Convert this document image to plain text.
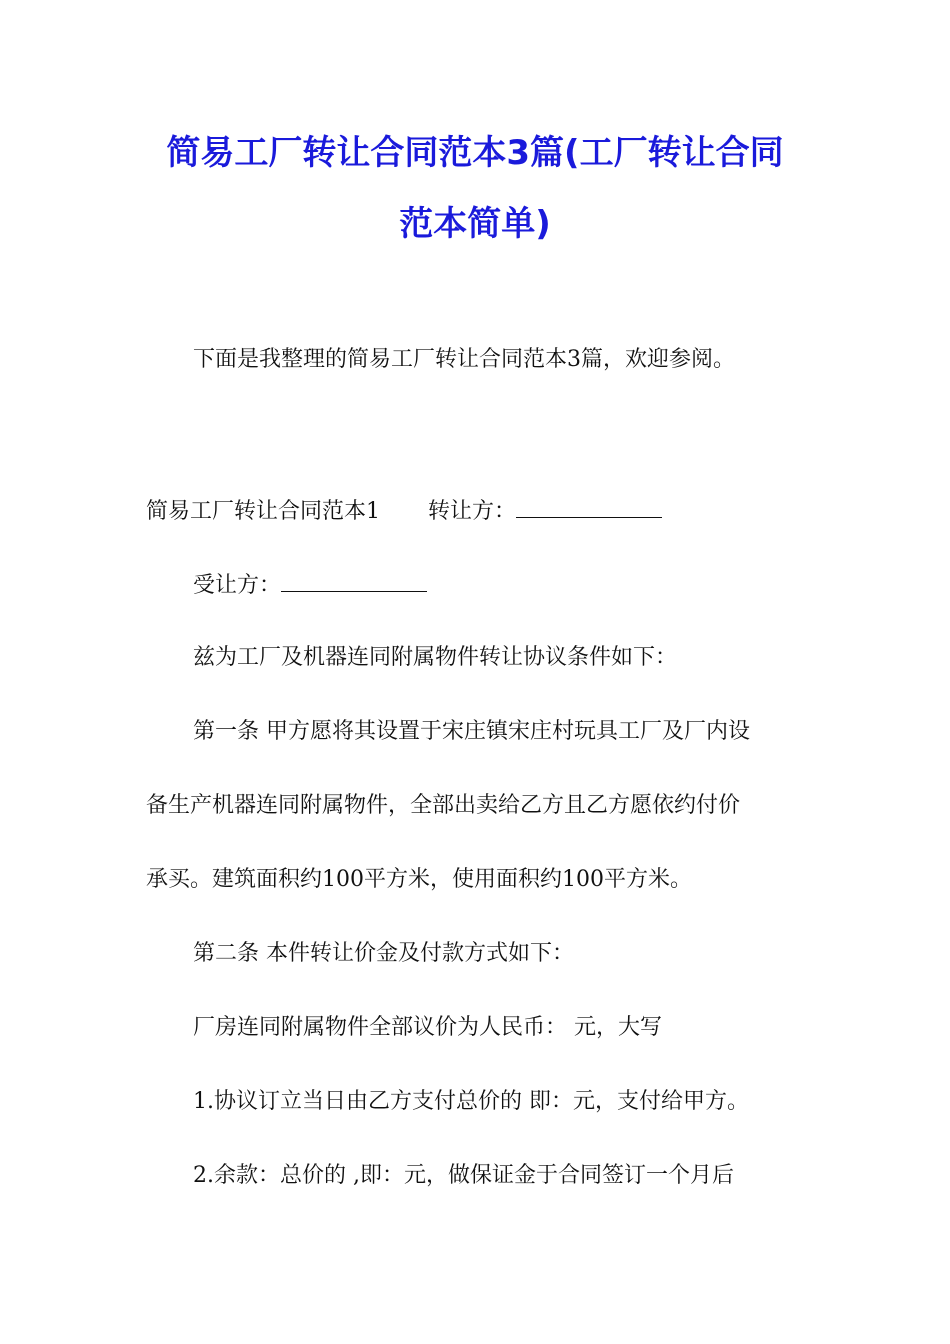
简易工厂转让合同范本3篇(工厂转让合同
范本简单)

下面是我整理的简易工厂转让合同范本3篇，欢迎参阅。

简易工厂转让合同范本1 转让方：

受让方：

兹为工厂及机器连同附属物件转让协议条件如下：

第一条 甲方愿将其设置于宋庄镇宋庄村玩具工厂及厂内设

备生产机器连同附属物件，全部出卖给乙方且乙方愿依约付价

承买。建筑面积约100平方米，使用面积约100平方米。

第二条 本件转让价金及付款方式如下：

厂房连同附属物件全部议价为人民币： 元，大写

1.协议订立当日由乙方支付总价的 即：元，支付给甲方。

2.余款：总价的 ,即：元，做保证金于合同签订一个月后
